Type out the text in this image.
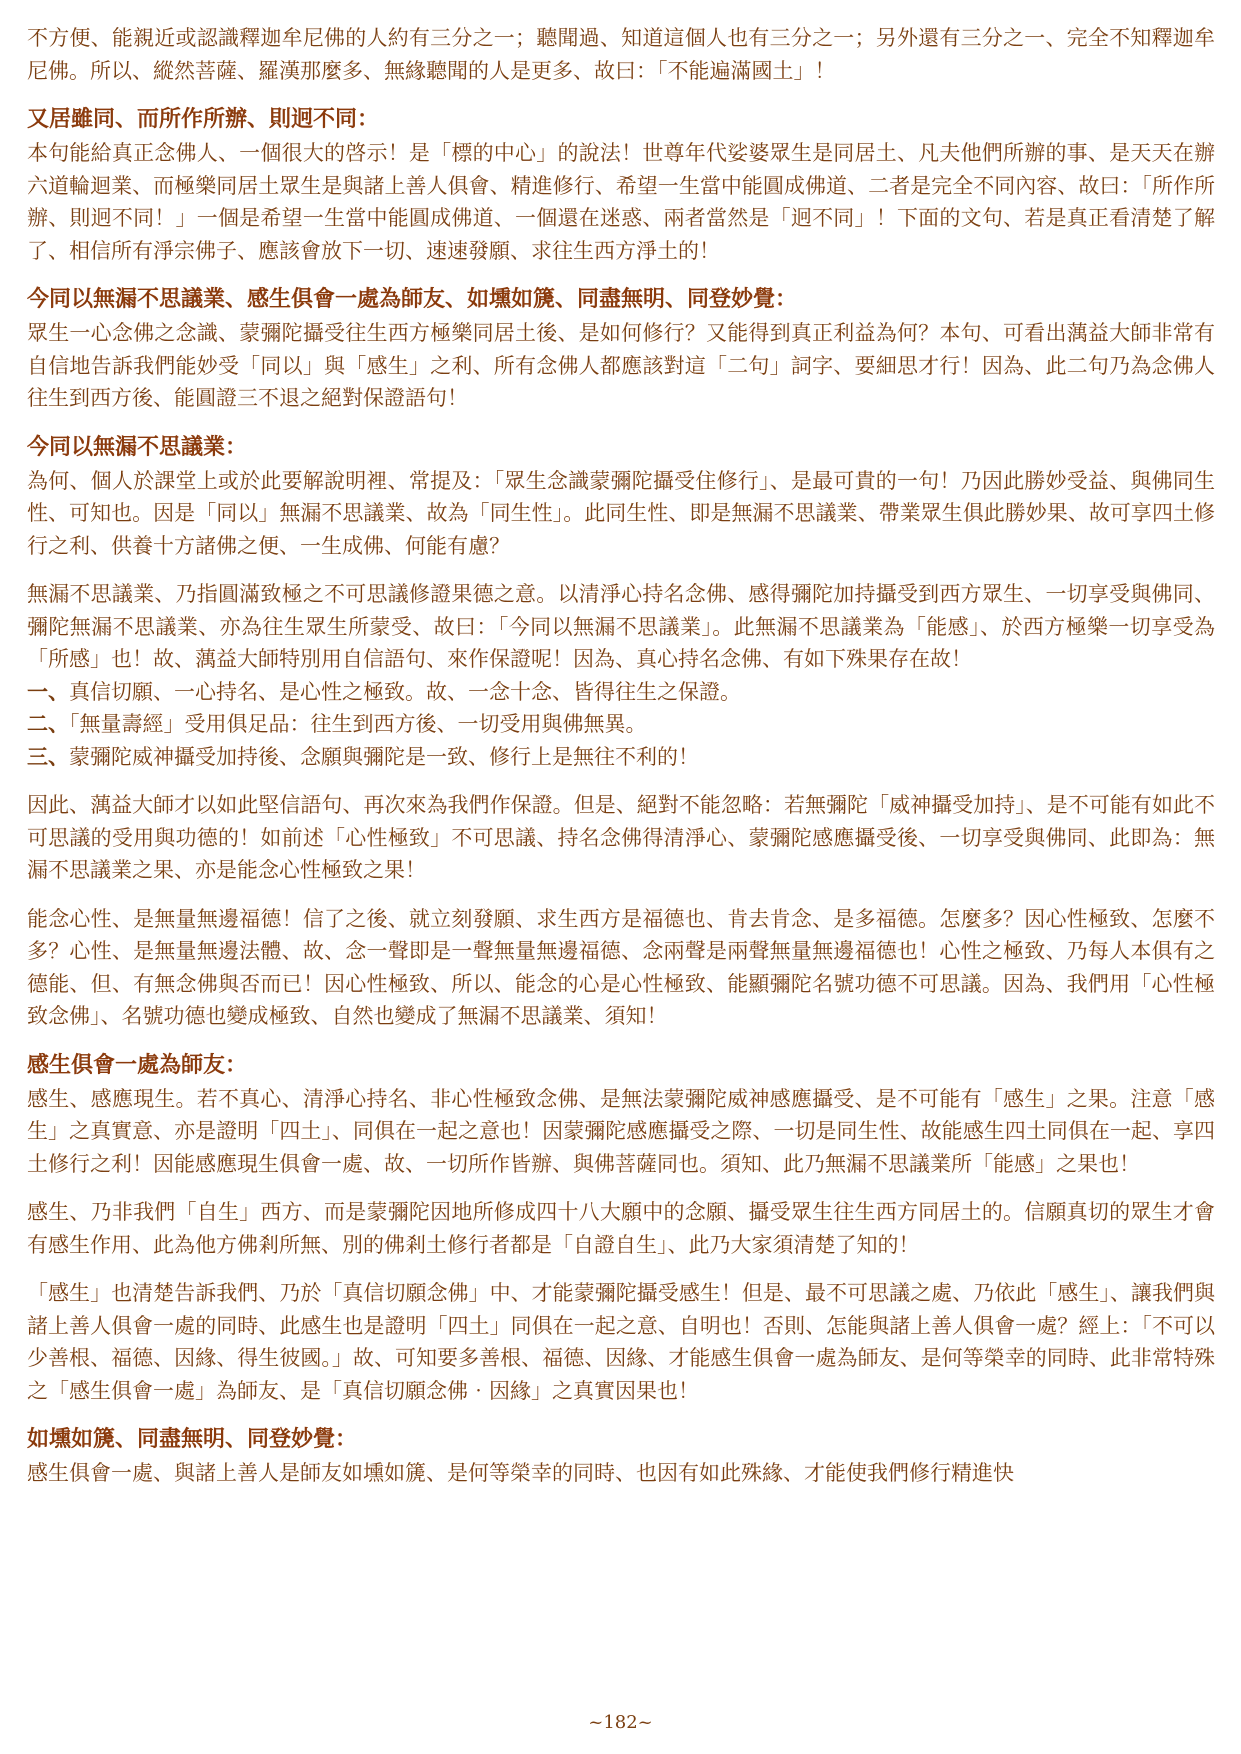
不方便、能親近或認識釋迦牟尼佛的人約有三分之一；聽聞過、知道這個人也有三分之一；另外還有三分之一、完全不知釋迦牟尼佛。所以、縱然菩薩、羅漢那麼多、無緣聽聞的人是更多、故曰：「不能遍滿國土」！

又居雖同、而所作所辦、則迥不同：

本句能給真正念佛人、一個很大的啓示！是「標的中心」的說法！世尊年代娑婆眾生是同居土、凡夫他們所辦的事、是天天在辦六道輪迴業、而極樂同居土眾生是與諸上善人俱會、精進修行、希望一生當中能圓成佛道、二者是完全不同內容、故曰：「所作所辦、則迥不同！」一個是希望一生當中能圓成佛道、一個還在迷惑、兩者當然是「迥不同」！下面的文句、若是真正看清楚了解了、相信所有淨宗佛子、應該會放下一切、速速發願、求往生西方淨土的！

今同以無漏不思議業、感生俱會一處為師友、如壎如篪、同盡無明、同登妙覺：

眾生一心念佛之念識、蒙彌陀攝受往生西方極樂同居土後、是如何修行？又能得到真正利益為何？本句、可看出蕅益大師非常有自信地告訴我們能妙受「同以」與「感生」之利、所有念佛人都應該對這「二句」詞字、要細思才行！因為、此二句乃為念佛人往生到西方後、能圓證三不退之絕對保證語句！

今同以無漏不思議業：

為何、個人於課堂上或於此要解說明裡、常提及：「眾生念識蒙彌陀攝受住修行」、是最可貴的一句！乃因此勝妙受益、與佛同生性、可知也。因是「同以」無漏不思議業、故為「同生性」。此同生性、即是無漏不思議業、帶業眾生俱此勝妙果、故可享四土修行之利、供養十方諸佛之便、一生成佛、何能有慮？

無漏不思議業、乃指圓滿致極之不可思議修證果德之意。以清淨心持名念佛、感得彌陀加持攝受到西方眾生、一切享受與佛同、彌陀無漏不思議業、亦為往生眾生所蒙受、故曰：「今同以無漏不思議業」。此無漏不思議業為「能感」、於西方極樂一切享受為「所感」也！故、蕅益大師特別用自信語句、來作保證呢！因為、真心持名念佛、有如下殊果存在故！

一、真信切願、一心持名、是心性之極致。故、一念十念、皆得往生之保證。

二、「無量壽經」受用俱足品：往生到西方後、一切受用與佛無異。

三、蒙彌陀威神攝受加持後、念願與彌陀是一致、修行上是無往不利的！

因此、蕅益大師才以如此堅信語句、再次來為我們作保證。但是、絕對不能忽略：若無彌陀「威神攝受加持」、是不可能有如此不可思議的受用與功德的！如前述「心性極致」不可思議、持名念佛得清淨心、蒙彌陀感應攝受後、一切享受與佛同、此即為：無漏不思議業之果、亦是能念心性極致之果！

能念心性、是無量無邊福德！信了之後、就立刻發願、求生西方是福德也、肯去肯念、是多福德。怎麼多？因心性極致、怎麼不多？心性、是無量無邊法體、故、念一聲即是一聲無量無邊福德、念兩聲是兩聲無量無邊福德也！心性之極致、乃每人本俱有之德能、但、有無念佛與否而已！因心性極致、所以、能念的心是心性極致、能顯彌陀名號功德不可思議。因為、我們用「心性極致念佛」、名號功德也變成極致、自然也變成了無漏不思議業、須知！

感生俱會一處為師友：

感生、感應現生。若不真心、清淨心持名、非心性極致念佛、是無法蒙彌陀威神感應攝受、是不可能有「感生」之果。注意「感生」之真實意、亦是證明「四土」、同俱在一起之意也！因蒙彌陀感應攝受之際、一切是同生性、故能感生四土同俱在一起、享四土修行之利！因能感應現生俱會一處、故、一切所作皆辦、與佛菩薩同也。須知、此乃無漏不思議業所「能感」之果也！

感生、乃非我們「自生」西方、而是蒙彌陀因地所修成四十八大願中的念願、攝受眾生往生西方同居土的。信願真切的眾生才會有感生作用、此為他方佛剎所無、別的佛剎土修行者都是「自證自生」、此乃大家須清楚了知的！

「感生」也清楚告訴我們、乃於「真信切願念佛」中、才能蒙彌陀攝受感生！但是、最不可思議之處、乃依此「感生」、讓我們與諸上善人俱會一處的同時、此感生也是證明「四土」同俱在一起之意、自明也！否則、怎能與諸上善人俱會一處？經上：「不可以少善根、福德、因緣、得生彼國。」故、可知要多善根、福德、因緣、才能感生俱會一處為師友、是何等榮幸的同時、此非常特殊之「感生俱會一處」為師友、是「真信切願念佛‧因緣」之真實因果也！

如壎如篪、同盡無明、同登妙覺：

感生俱會一處、與諸上善人是師友如壎如篪、是何等榮幸的同時、也因有如此殊緣、才能使我們修行精進快

~182~
